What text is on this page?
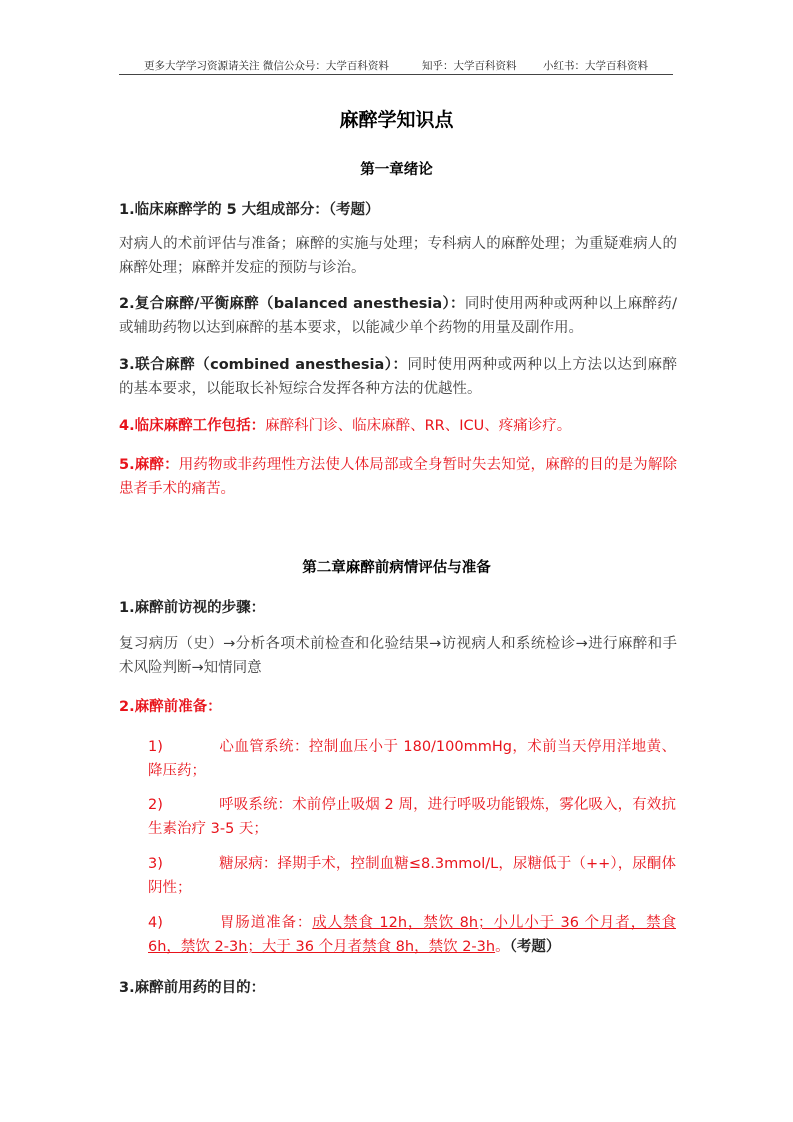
更多大学学习资源请关注 微信公众号：大学百科资料	知乎：大学百科资料	小红书：大学百科资料
麻醉学知识点
第一章绪论
1.临床麻醉学的 5 大组成部分：（考题）
对病人的术前评估与准备；麻醉的实施与处理；专科病人的麻醉处理；为重疑难病人的麻醉处理；麻醉并发症的预防与诊治。
2.复合麻醉/平衡麻醉（balanced anesthesia）：同时使用两种或两种以上麻醉药/或辅助药物以达到麻醉的基本要求，以能减少单个药物的用量及副作用。
3.联合麻醉（combined anesthesia）：同时使用两种或两种以上方法以达到麻醉的基本要求，以能取长补短综合发挥各种方法的优越性。
4.临床麻醉工作包括：麻醉科门诊、临床麻醉、RR、ICU、疼痛诊疗。
5.麻醉：用药物或非药理性方法使人体局部或全身暂时失去知觉，麻醉的目的是为解除患者手术的痛苦。
第二章麻醉前病情评估与准备
1.麻醉前访视的步骤：
复习病历（史）→分析各项术前检查和化验结果→访视病人和系统检诊→进行麻醉和手术风险判断→知情同意
2.麻醉前准备：
1)	心血管系统：控制血压小于 180/100mmHg，术前当天停用洋地黄、降压药；
2)	呼吸系统：术前停止吸烟 2 周，进行呼吸功能锻炼，雾化吸入，有效抗生素治疗 3-5 天；
3)	糖尿病：择期手术，控制血糖≤8.3mmol/L，尿糖低于（++），尿酮体阴性；
4)	胃肠道准备：成人禁食 12h，禁饮 8h；小儿小于 36 个月者，禁食 6h，禁饮 2-3h；大于 36 个月者禁食 8h，禁饮 2-3h。（考题）
3.麻醉前用药的目的：
